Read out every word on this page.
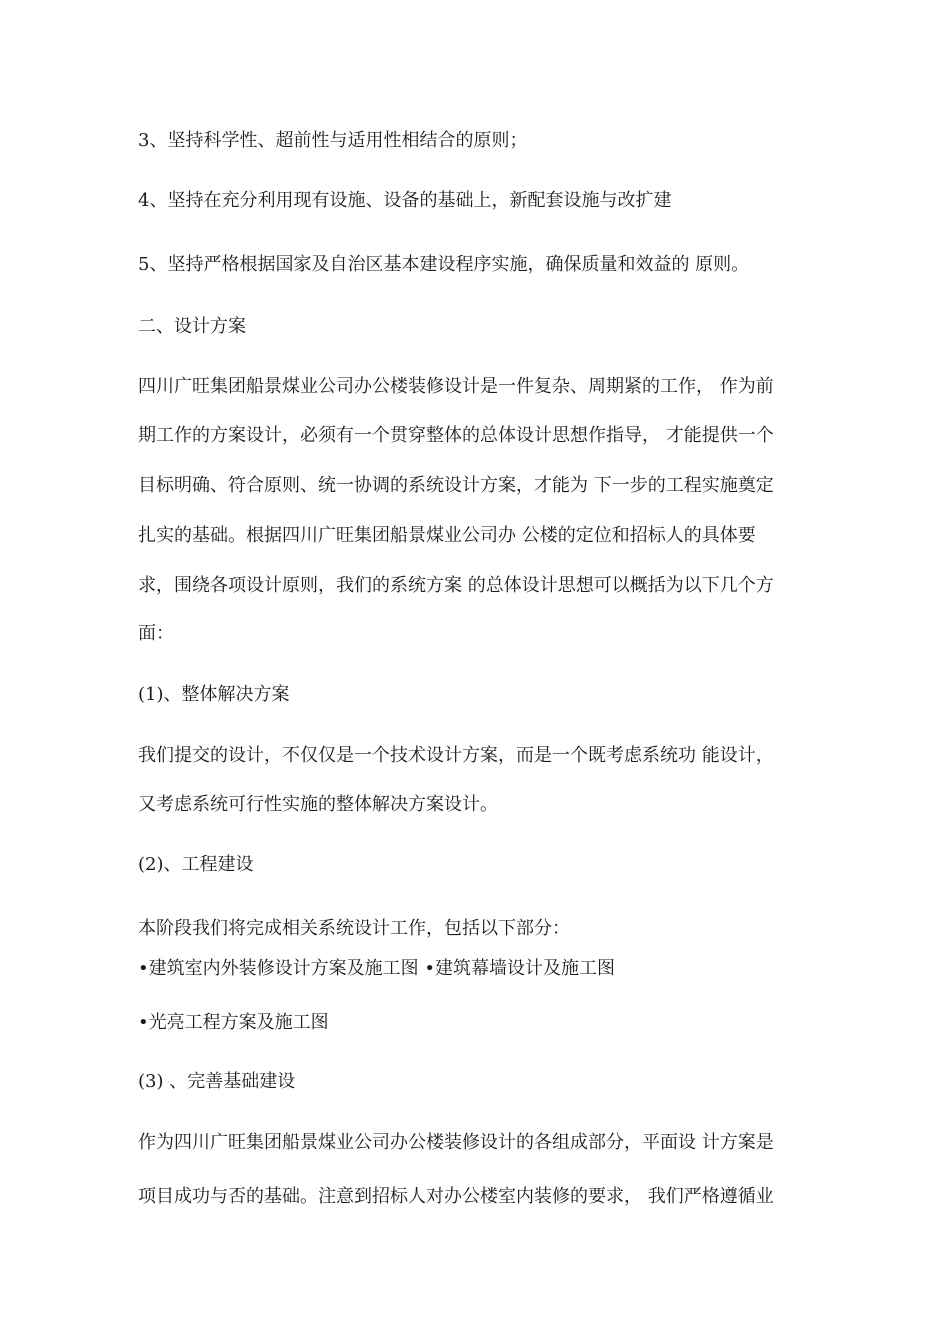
3、坚持科学性、超前性与适用性相结合的原则；

4、坚持在充分利用现有设施、设备的基础上，新配套设施与改扩建

5、坚持严格根据国家及自治区基本建设程序实施，确保质量和效益的 原则。

二、设计方案

四川广旺集团船景煤业公司办公楼装修设计是一件复杂、周期紧的工作， 作为前

期工作的方案设计，必须有一个贯穿整体的总体设计思想作指导， 才能提供一个

目标明确、符合原则、统一协调的系统设计方案，才能为 下一步的工程实施奠定

扎实的基础。根据四川广旺集团船景煤业公司办 公楼的定位和招标人的具体要

求，围绕各项设计原则，我们的系统方案 的总体设计思想可以概括为以下几个方

面：

(1)、整体解决方案

我们提交的设计，不仅仅是一个技术设计方案，而是一个既考虑系统功 能设计，

又考虑系统可行性实施的整体解决方案设计。

(2)、工程建设

本阶段我们将完成相关系统设计工作，包括以下部分：

•建筑室内外装修设计方案及施工图 •建筑幕墙设计及施工图

•光亮工程方案及施工图

(3) 、完善基础建设

作为四川广旺集团船景煤业公司办公楼装修设计的各组成部分，平面设 计方案是

项目成功与否的基础。注意到招标人对办公楼室内装修的要求， 我们严格遵循业
